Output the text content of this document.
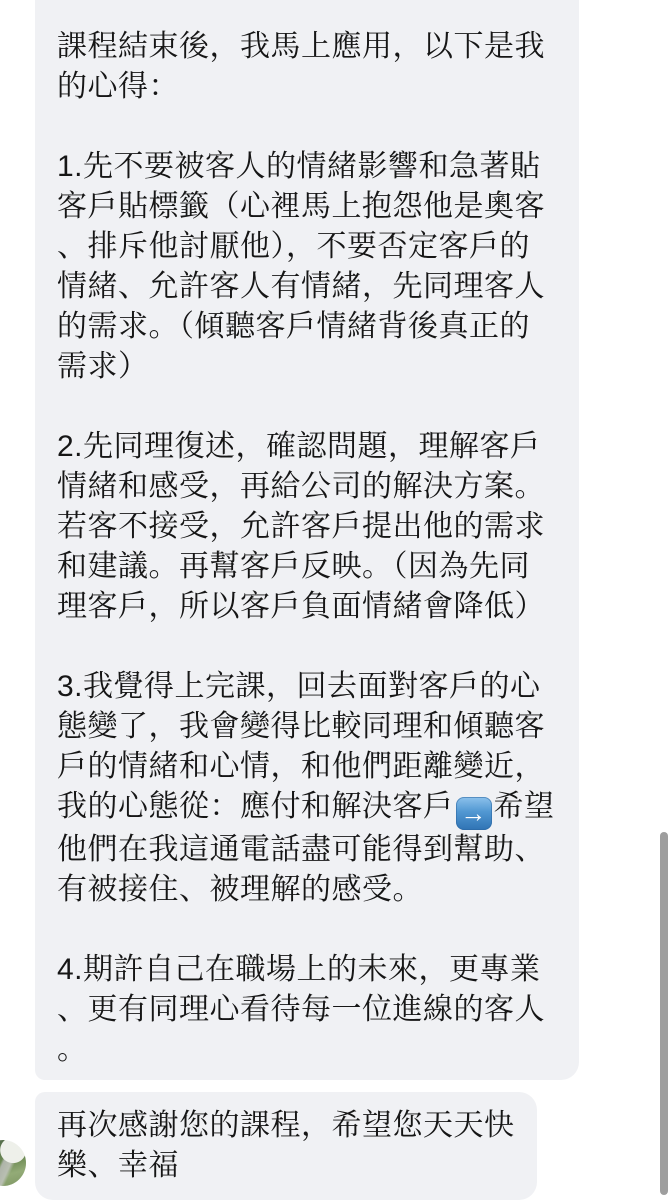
課程結束後，我馬上應用，以下是我的心得：

1.先不要被客人的情緒影響和急著貼客戶貼標籤（心裡馬上抱怨他是奧客、排斥他討厭他），不要否定客戶的情緒、允許客人有情緒，先同理客人的需求。（傾聽客戶情緒背後真正的需求）

2.先同理復述，確認問題，理解客戶情緒和感受，再給公司的解決方案。若客不接受，允許客戶提出他的需求和建議。再幫客戶反映。（因為先同理客戶，所以客戶負面情緒會降低）

3.我覺得上完課，回去面對客戶的心態變了，我會變得比較同理和傾聽客戶的情緒和心情，和他們距離變近，我的心態從：應付和解決客戶 → 希望他們在我這通電話盡可能得到幫助、有被接住、被理解的感受。

4.期許自己在職場上的未來，更專業、更有同理心看待每一位進線的客人。

再次感謝您的課程，希望您天天快樂、幸福
